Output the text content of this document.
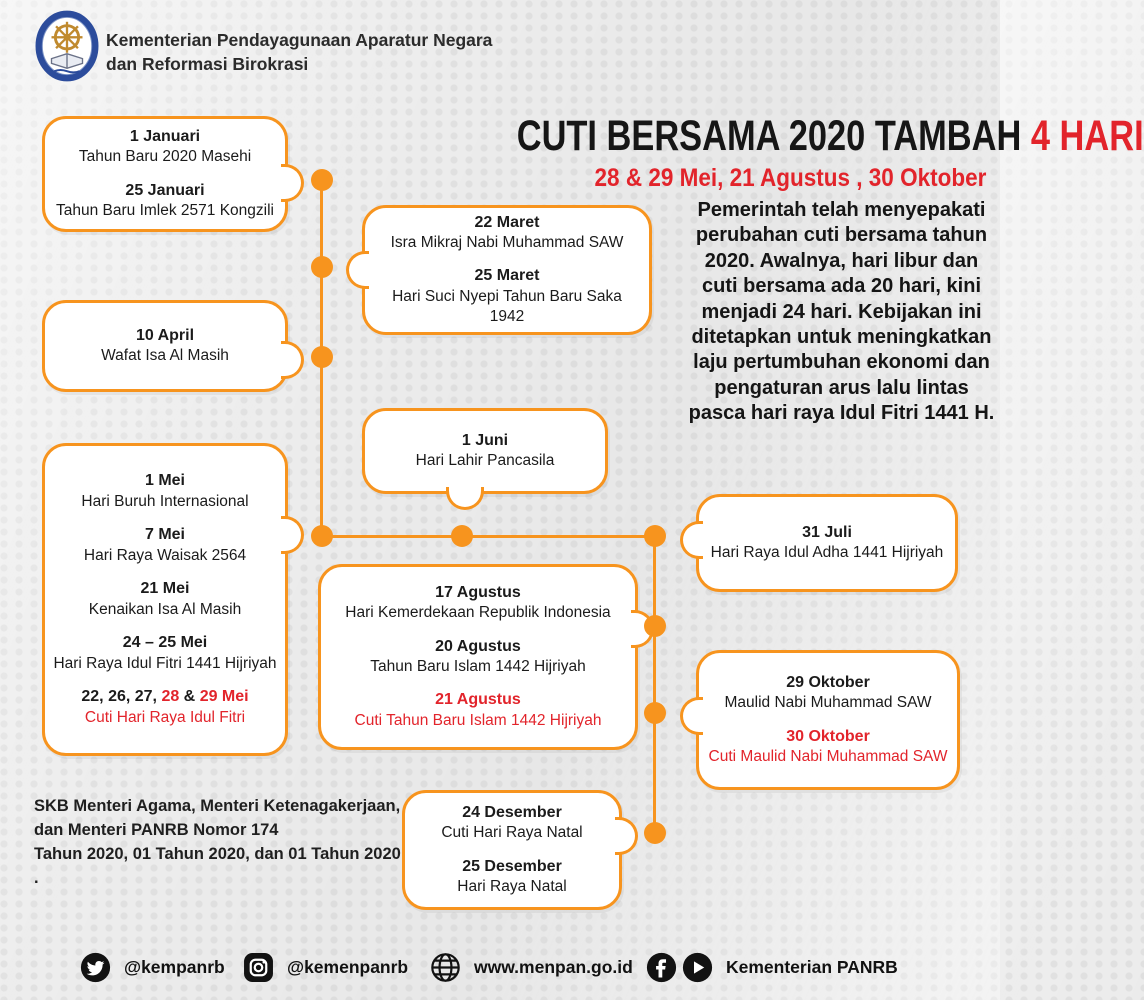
Kementerian Pendayagunaan Aparatur Negara
dan Reformasi Birokrasi
CUTI BERSAMA 2020 TAMBAH 4 HARI
28 & 29 Mei, 21 Agustus , 30 Oktober
Pemerintah telah menyepakati perubahan cuti bersama tahun 2020. Awalnya, hari libur dan cuti bersama ada 20 hari, kini menjadi 24 hari. Kebijakan ini ditetapkan untuk meningkatkan laju pertumbuhan ekonomi dan pengaturan arus lalu lintas pasca hari raya Idul Fitri 1441 H.
1 Januari
Tahun Baru 2020 Masehi
25 Januari
Tahun Baru Imlek 2571 Kongzili
22 Maret
Isra Mikraj Nabi Muhammad SAW
25 Maret
Hari Suci Nyepi Tahun Baru Saka 1942
10 April
Wafat Isa Al Masih
1 Mei
Hari Buruh Internasional
7 Mei
Hari Raya Waisak 2564
21 Mei
Kenaikan Isa Al Masih
24 – 25 Mei
Hari Raya Idul Fitri 1441 Hijriyah
22, 26, 27, 28 & 29 Mei
Cuti Hari Raya Idul Fitri
1 Juni
Hari Lahir Pancasila
31 Juli
Hari Raya Idul Adha 1441 Hijriyah
17 Agustus
Hari Kemerdekaan Republik Indonesia
20 Agustus
Tahun Baru Islam 1442 Hijriyah
21 Agustus
Cuti Tahun Baru Islam 1442 Hijriyah
29 Oktober
Maulid Nabi Muhammad SAW
30 Oktober
Cuti Maulid Nabi Muhammad SAW
24 Desember
Cuti Hari Raya Natal
25 Desember
Hari Raya Natal
SKB Menteri Agama, Menteri Ketenagakerjaan,
dan Menteri PANRB Nomor 174
Tahun 2020, 01 Tahun 2020, dan 01 Tahun 2020 .
@kempanrb	@kemenpanrb	www.menpan.go.id	Kementerian PANRB
